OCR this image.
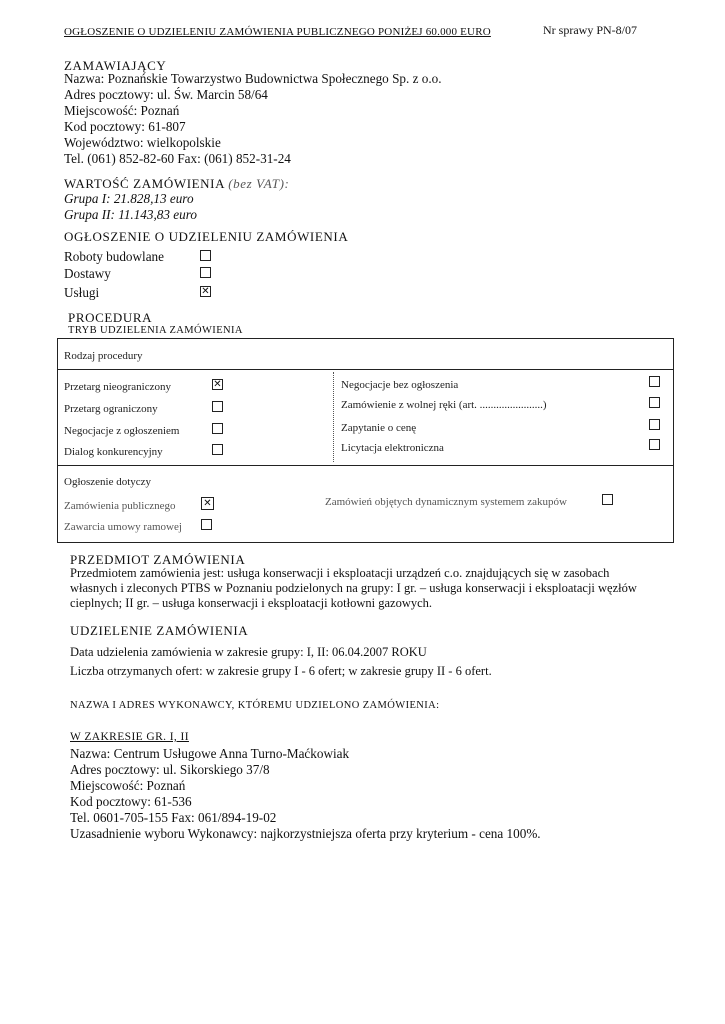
OGŁOSZENIE O UDZIELENIU ZAMÓWIENIA PUBLICZNEGO PONIŻEJ 60.000 EURO	Nr sprawy PN-8/07
ZAMAWIAJĄCY
Nazwa: Poznańskie Towarzystwo Budownictwa Społecznego Sp. z o.o.
Adres pocztowy: ul. Św. Marcin 58/64
Miejscowość: Poznań
Kod pocztowy: 61-807
Województwo: wielkopolskie
Tel. (061) 852-82-60 Fax: (061) 852-31-24
WARTOŚĆ ZAMÓWIENIA (bez VAT):
Grupa I: 21.828,13 euro
Grupa II: 11.143,83 euro
OGŁOSZENIE O UDZIELENIU ZAMÓWIENIA
Roboty budowlane
Dostawy
Usługi	✕
PROCEDURA
TRYB UDZIELENIA ZAMÓWIENIA
Rodzaj procedury
Przetarg nieograniczony	✕
Przetarg ograniczony
Negocjacje z ogłoszeniem
Dialog konkurencyjny
Negocjacje bez ogłoszenia
Zamówienie z wolnej ręki (art. .......................)
Zapytanie o cenę
Licytacja elektroniczna
Ogłoszenie dotyczy
Zamówienia publicznego	✕	Zamówień objętych dynamicznym systemem zakupów
Zawarcia umowy ramowej
PRZEDMIOT ZAMÓWIENIA
Przedmiotem zamówienia jest: usługa konserwacji i eksploatacji urządzeń c.o. znajdujących się w zasobach własnych i zleconych PTBS w Poznaniu podzielonych na grupy: I gr. – usługa konserwacji i eksploatacji węzłów cieplnych; II gr. – usługa konserwacji i eksploatacji kotłowni gazowych.
UDZIELENIE ZAMÓWIENIA
Data udzielenia zamówienia w zakresie grupy: I, II: 06.04.2007 ROKU
Liczba otrzymanych ofert: w zakresie grupy I - 6 ofert; w zakresie grupy II - 6 ofert.
NAZWA I ADRES WYKONAWCY, KTÓREMU UDZIELONO ZAMÓWIENIA:
W ZAKRESIE GR. I, II
Nazwa: Centrum Usługowe Anna Turno-Maćkowiak
Adres pocztowy: ul. Sikorskiego 37/8
Miejscowość: Poznań
Kod pocztowy: 61-536
Tel. 0601-705-155 Fax: 061/894-19-02
Uzasadnienie wyboru Wykonawcy: najkorzystniejsza oferta przy kryterium - cena 100%.
